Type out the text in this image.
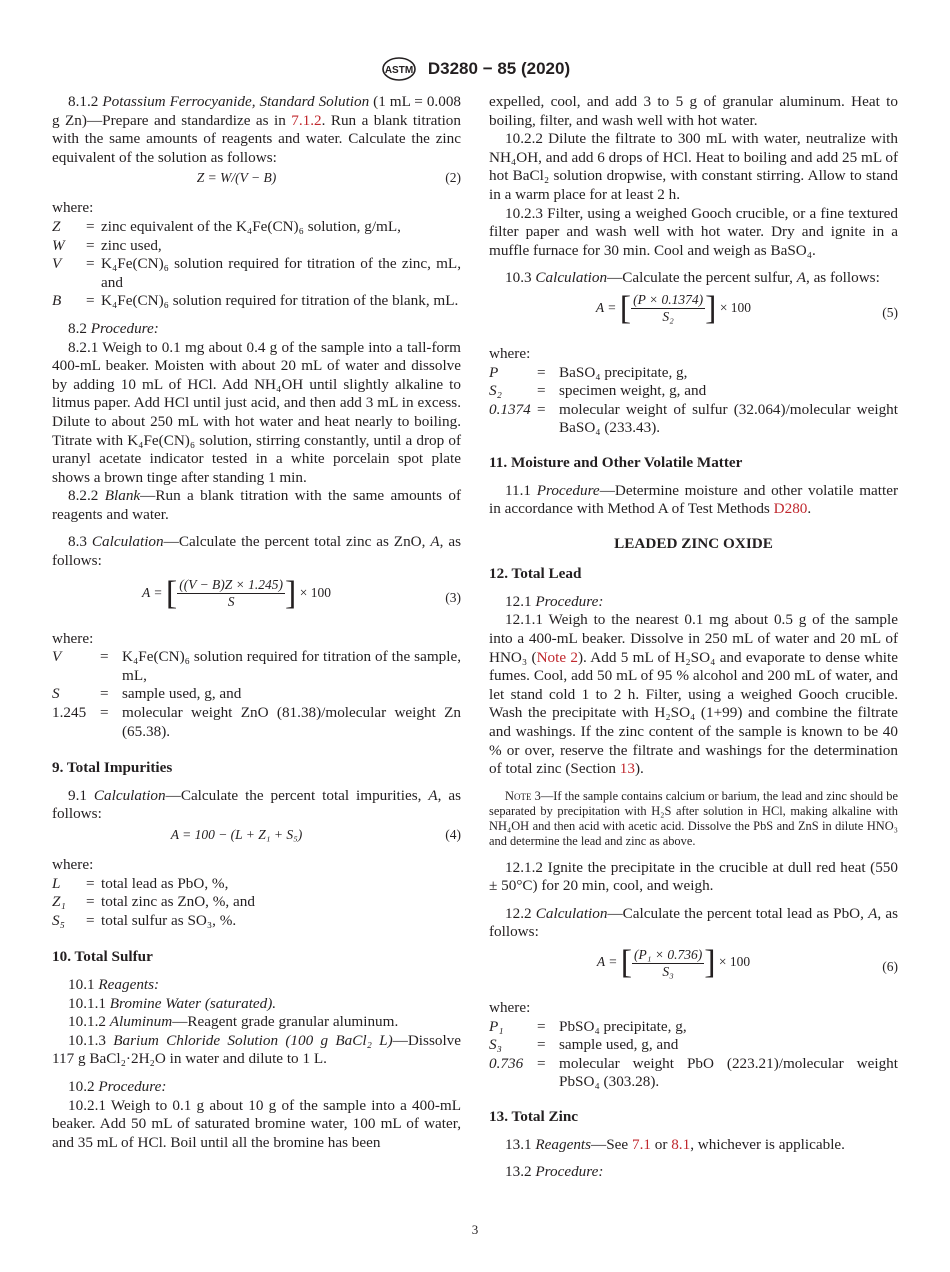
ASTM D3280 − 85 (2020)

8.1.2 Potassium Ferrocyanide, Standard Solution (1 mL = 0.008 g Zn)—Prepare and standardize as in 7.1.2. Run a blank titration with the same amounts of reagents and water. Calculate the zinc equivalent of the solution as follows:

Z = W/(V − B)	(2)

where:

Z	=	zinc equivalent of the K₄Fe(CN)₆ solution, g/mL,
W	=	zinc used,
V	=	K₄Fe(CN)₆ solution required for titration of the zinc, mL, and
B	=	K₄Fe(CN)₆ solution required for titration of the blank, mL.

8.2 Procedure:

8.2.1 Weigh to 0.1 mg about 0.4 g of the sample into a tall-form 400-mL beaker. Moisten with about 20 mL of water and dissolve by adding 10 mL of HCl. Add NH₄OH until slightly alkaline to litmus paper. Add HCl until just acid, and then add 3 mL in excess. Dilute to about 250 mL with hot water and heat nearly to boiling. Titrate with K₄Fe(CN)₆ solution, stirring constantly, until a drop of uranyl acetate indicator tested in a white porcelain spot plate shows a brown tinge after standing 1 min.

8.2.2 Blank—Run a blank titration with the same amounts of reagents and water.

8.3 Calculation—Calculate the percent total zinc as ZnO, A, as follows:

A = [ $\frac{((V - B)Z \times 1.245)}{S}$ ] × 100	(3)

where:

V	=	K₄Fe(CN)₆ solution required for titration of the sample, mL,
S	=	sample used, g, and
1.245	=	molecular weight ZnO (81.38)/molecular weight Zn (65.38).
9. Total Impurities

9.1 Calculation—Calculate the percent total impurities, A, as follows:

A = 100 − (L + Z₁ + S₅)	(4)

where:

L	=	total lead as PbO, %,
Z₁	=	total zinc as ZnO, %, and
S₅	=	total sulfur as SO₃, %.
10. Total Sulfur

10.1 Reagents:

10.1.1 Bromine Water (saturated).

10.1.2 Aluminum—Reagent grade granular aluminum.

10.1.3 Barium Chloride Solution (100 g BaCl₂ L)—Dissolve 117 g BaCl₂·2H₂O in water and dilute to 1 L.

10.2 Procedure:

10.2.1 Weigh to 0.1 g about 10 g of the sample into a 400-mL beaker. Add 50 mL of saturated bromine water, 100 mL of water, and 35 mL of HCl. Boil until all the bromine has been

expelled, cool, and add 3 to 5 g of granular aluminum. Heat to boiling, filter, and wash well with hot water.

10.2.2 Dilute the filtrate to 300 mL with water, neutralize with NH₄OH, and add 6 drops of HCl. Heat to boiling and add 25 mL of hot BaCl₂ solution dropwise, with constant stirring. Allow to stand in a warm place for at least 2 h.

10.2.3 Filter, using a weighed Gooch crucible, or a fine textured filter paper and wash well with hot water. Dry and ignite in a muffle furnace for 30 min. Cool and weigh as BaSO₄.

10.3 Calculation—Calculate the percent sulfur, A, as follows:

A = [ $\frac{(P \times 0.1374)}{\text{S₂}}$ ] × 100	(5)

where:

P	=	BaSO₄ precipitate, g,
S₂	=	specimen weight, g, and
0.1374	=	molecular weight of sulfur (32.064)/molecular weight BaSO₄ (233.43).
11. Moisture and Other Volatile Matter

11.1 Procedure—Determine moisture and other volatile matter in accordance with Method A of Test Methods D280.

LEADED ZINC OXIDE
12. Total Lead

12.1 Procedure:

12.1.1 Weigh to the nearest 0.1 mg about 0.5 g of the sample into a 400-mL beaker. Dissolve in 250 mL of water and 20 mL of HNO₃ (Note 2). Add 5 mL of H₂SO₄ and evaporate to dense white fumes. Cool, add 50 mL of 95 % alcohol and 200 mL of water, and let stand cold 1 to 2 h. Filter, using a weighed Gooch crucible. Wash the precipitate with H₂SO₄ (1+99) and combine the filtrate and washings. If the zinc content of the sample is known to be 40 % or over, reserve the filtrate and washings for the determination of total zinc (Section 13).

Note 3—If the sample contains calcium or barium, the lead and zinc should be separated by precipitation with H₂S after solution in HCl, making alkaline with NH₄OH and then acid with acetic acid. Dissolve the PbS and ZnS in dilute HNO₃ and determine the lead and zinc as above.

12.1.2 Ignite the precipitate in the crucible at dull red heat (550 ± 50°C) for 20 min, cool, and weigh.

12.2 Calculation—Calculate the percent total lead as PbO, A, as follows:

A = [ $\frac{\text{(P₁ × 0.736)}}{\text{S₃}}$ ] × 100	(6)

where:

P₁	=	PbSO₄ precipitate, g,
S₃	=	sample used, g, and
0.736	=	molecular weight PbO (223.21)/molecular weight PbSO₄ (303.28).
13. Total Zinc

13.1 Reagents—See 7.1 or 8.1, whichever is applicable.

13.2 Procedure:

3
